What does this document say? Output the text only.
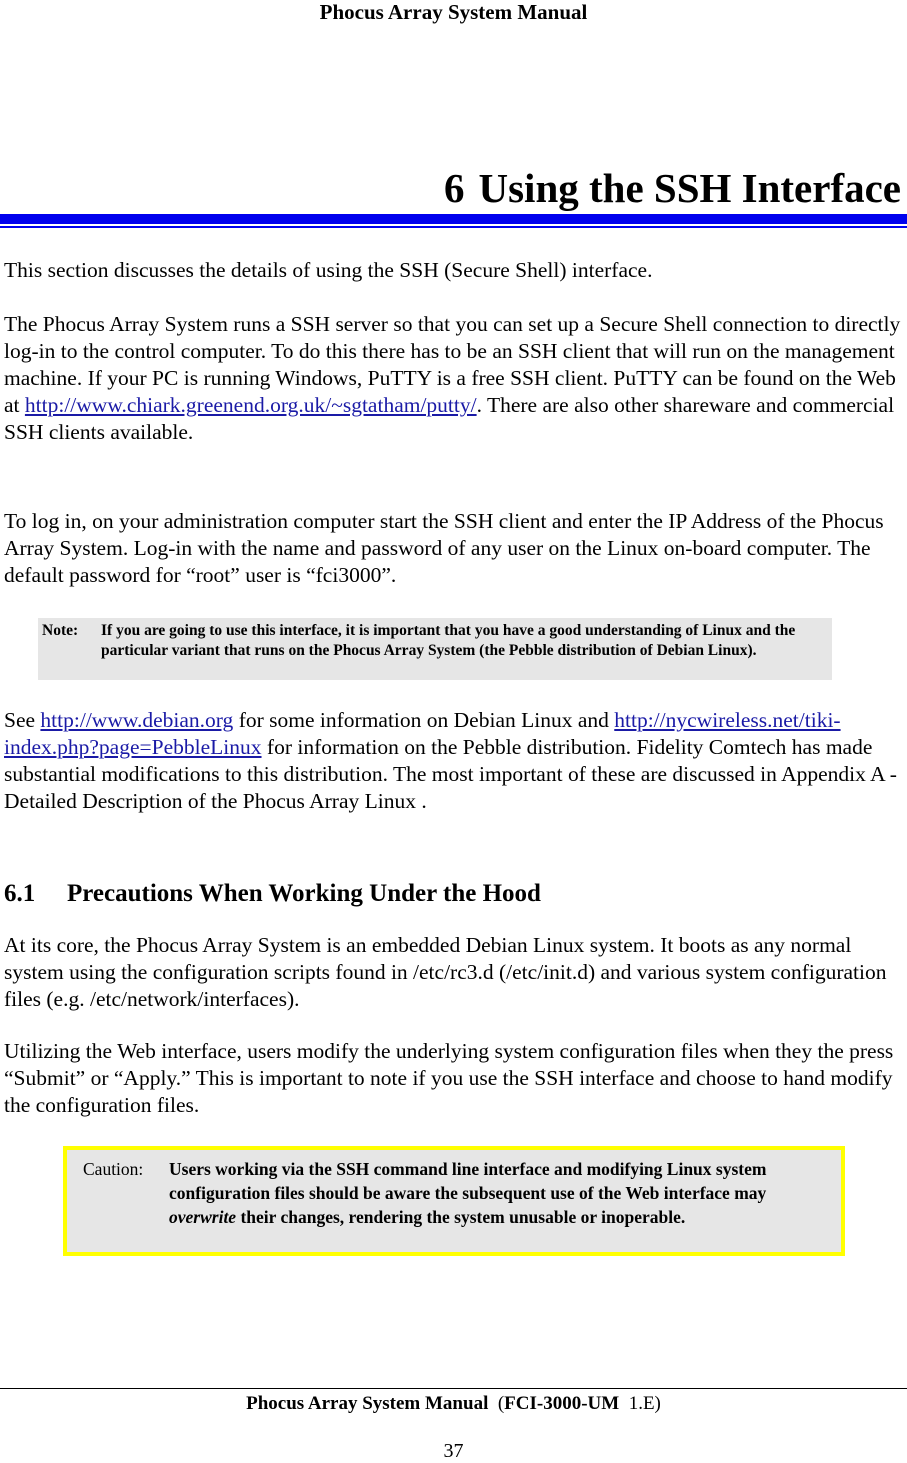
Phocus Array System Manual
6 Using the SSH Interface

This section discusses the details of using the SSH (Secure Shell) interface.

The Phocus Array System runs a SSH server so that you can set up a Secure Shell connection to directly log-in to the control computer. To do this there has to be an SSH client that will run on the management machine. If your PC is running Windows, PuTTY is a free SSH client. PuTTY can be found on the Web at http://www.chiark.greenend.org.uk/~sgtatham/putty/. There are also other shareware and commercial SSH clients available.

To log in, on your administration computer start the SSH client and enter the IP Address of the Phocus Array System. Log-in with the name and password of any user on the Linux on-board computer. The default password for “root” user is “fci3000”.

Note:	If you are going to use this interface, it is important that you have a good understanding of Linux and the particular variant that runs on the Phocus Array System (the Pebble distribution of Debian Linux).

See http://www.debian.org for some information on Debian Linux and http://nycwireless.net/tiki-index.php?page=PebbleLinux for information on the Pebble distribution. Fidelity Comtech has made substantial modifications to this distribution. The most important of these are discussed in Appendix A - Detailed Description of the Phocus Array Linux .

6.1 Precautions When Working Under the Hood

At its core, the Phocus Array System is an embedded Debian Linux system. It boots as any normal system using the configuration scripts found in /etc/rc3.d (/etc/init.d) and various system configuration files (e.g. /etc/network/interfaces).

Utilizing the Web interface, users modify the underlying system configuration files when they the press “Submit” or “Apply.” This is important to note if you use the SSH interface and choose to hand modify the configuration files.

Caution:	Users working via the SSH command line interface and modifying Linux system configuration files should be aware the subsequent use of the Web interface may overwrite their changes, rendering the system unusable or inoperable.
Phocus Array System Manual (FCI-3000-UM 1.E)
37
